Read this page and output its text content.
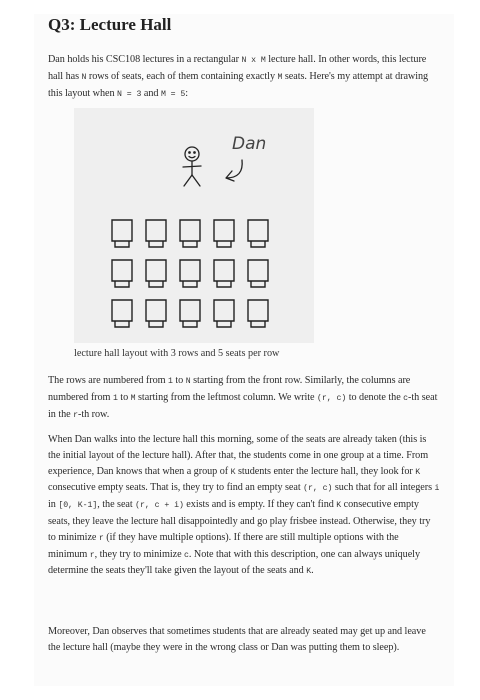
Q3: Lecture Hall

Dan holds his CSC108 lectures in a rectangular N x M lecture hall. In other words, this lecture hall has N rows of seats, each of them containing exactly M seats. Here's my attempt at drawing this layout when N = 3 and M = 5:

Dan
lecture hall layout with 3 rows and 5 seats per row

The rows are numbered from 1 to N starting from the front row. Similarly, the columns are numbered from 1 to M starting from the leftmost column. We write (r, c) to denote the c-th seat in the r-th row.

When Dan walks into the lecture hall this morning, some of the seats are already taken (this is the initial layout of the lecture hall). After that, the students come in one group at a time. From experience, Dan knows that when a group of K students enter the lecture hall, they look for K consecutive empty seats. That is, they try to find an empty seat (r, c) such that for all integers i in [0, K-1], the seat (r, c + i) exists and is empty. If they can't find K consecutive empty seats, they leave the lecture hall disappointedly and go play frisbee instead. Otherwise, they try to minimize r (if they have multiple options). If there are still multiple options with the minimum r, they try to minimize c. Note that with this description, one can always uniquely determine the seats they'll take given the layout of the seats and K.

Moreover, Dan observes that sometimes students that are already seated may get up and leave the lecture hall (maybe they were in the wrong class or Dan was putting them to sleep).
